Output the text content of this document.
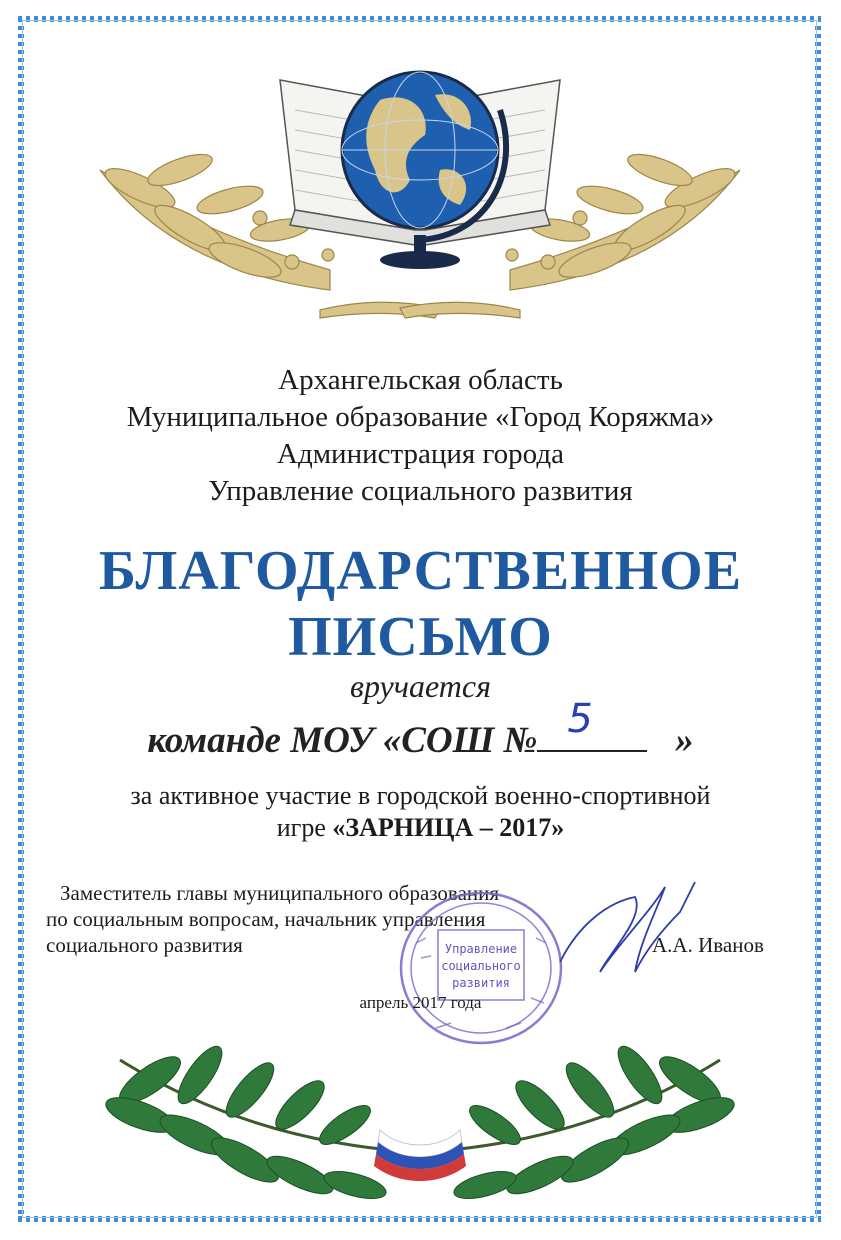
Архангельская область
Муниципальное образование «Город Коряжма»
Администрация города
Управление социального развития
БЛАГОДАРСТВЕННОЕ
ПИСЬМО
вручается
команде МОУ «СОШ № 5 »
за активное участие в городской военно-спортивной
игре «ЗАРНИЦА – 2017»
Заместитель главы муниципального образования
по социальным вопросам, начальник управления
социального развития	А.А. Иванов
Управление
социального
развития
апрель 2017 года
